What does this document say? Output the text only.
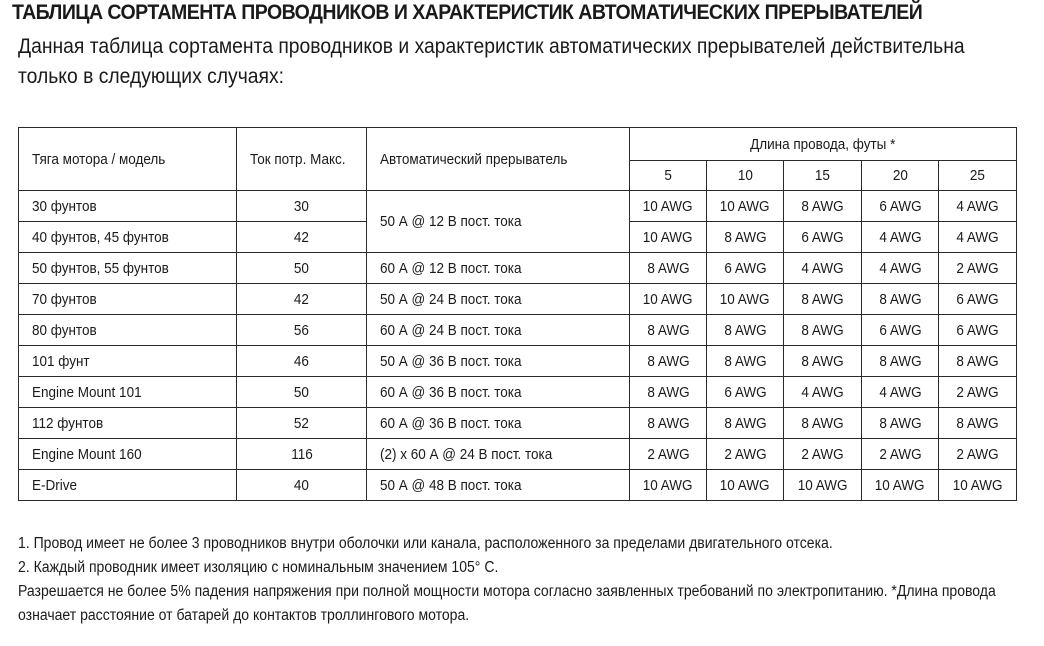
ТАБЛИЦА СОРТАМЕНТА ПРОВОДНИКОВ И ХАРАКТЕРИСТИК АВТОМАТИЧЕСКИХ ПРЕРЫВАТЕЛЕЙ
Данная таблица сортамента проводников и характеристик автоматических прерывателей действительна только в следующих случаях:
Тяга мотора / модель	Ток потр. Макс.	Автоматический прерыватель	Длина провода, футы *				
			5	10	15	20	25
30 фунтов	30	50 А @ 12 В пост. тока	10 AWG	10 AWG	8 AWG	6 AWG	4 AWG
40 фунтов, 45 фунтов	42		10 AWG	8 AWG	6 AWG	4 AWG	4 AWG
50 фунтов, 55 фунтов	50	60 А @ 12 В пост. тока	8 AWG	6 AWG	4 AWG	4 AWG	2 AWG
70 фунтов	42	50 А @ 24 В пост. тока	10 AWG	10 AWG	8 AWG	8 AWG	6 AWG
80 фунтов	56	60 А @ 24 В пост. тока	8 AWG	8 AWG	8 AWG	6 AWG	6 AWG
101 фунт	46	50 А @ 36 В пост. тока	8 AWG	8 AWG	8 AWG	8 AWG	8 AWG
Engine Mount 101	50	60 А @ 36 В пост. тока	8 AWG	6 AWG	4 AWG	4 AWG	2 AWG
112 фунтов	52	60 А @ 36 В пост. тока	8 AWG	8 AWG	8 AWG	8 AWG	8 AWG
Engine Mount 160	116	(2) x 60 А @ 24 В пост. тока	2 AWG	2 AWG	2 AWG	2 AWG	2 AWG
E-Drive	40	50 А @ 48 В пост. тока	10 AWG	10 AWG	10 AWG	10 AWG	10 AWG

1. Провод имеет не более 3 проводников внутри оболочки или канала, расположенного за пределами двигательного отсека.

2. Каждый проводник имеет изоляцию с номинальным значением 105° C.

Разрешается не более 5% падения напряжения при полной мощности мотора согласно заявленных требований по электропитанию. *Длина провода означает расстояние от батарей до контактов троллингового мотора.
